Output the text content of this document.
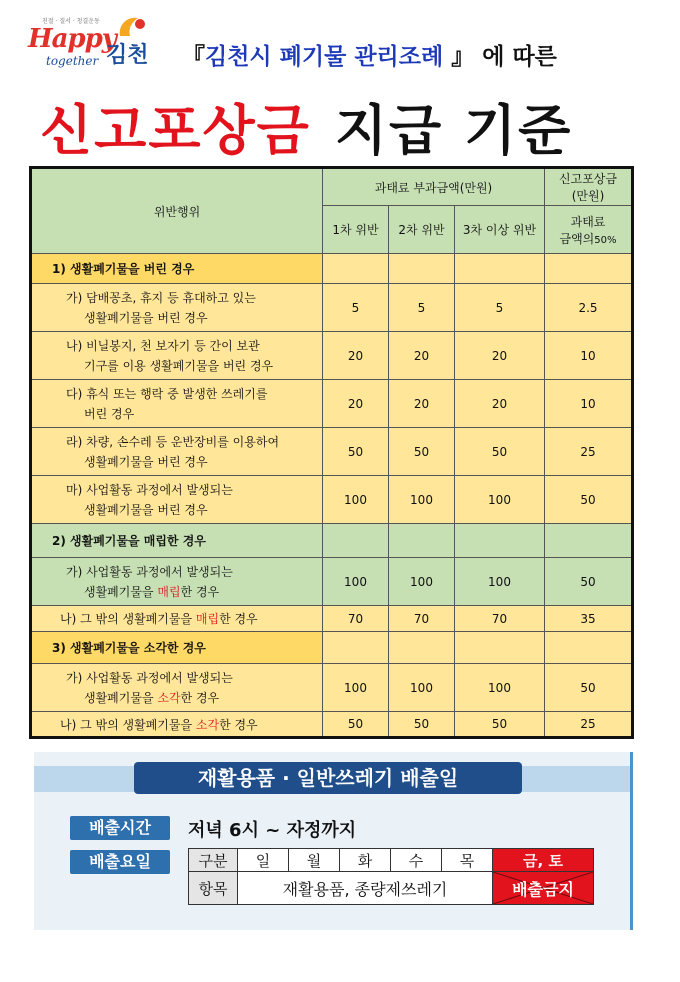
친절 · 질서 · 청결운동
Happy
together 김천 『김천시 폐기물 관리조례 』 에 따른
신고포상금 지급 기준
위반행위	과태료 부과금액(만원)			신고포상금
(만원)

	1차 위반	2차 위반	3차 이상 위반	과태료
금액의50%

1) 생활폐기물을 버린 경우				
가) 담배꽁초, 휴지 등 휴대하고 있는
생활폐기물을 버린 경우	5	5	5	2.5
나) 비닐봉지, 천 보자기 등 간이 보관
기구를 이용 생활폐기물을 버린 경우	20	20	20	10
다) 휴식 또는 행락 중 발생한 쓰레기를
버린 경우	20	20	20	10
라) 차량, 손수레 등 운반장비를 이용하여
생활폐기물을 버린 경우	50	50	50	25
마) 사업활동 과정에서 발생되는
생활폐기물을 버린 경우	100	100	100	50
2) 생활폐기물을 매립한 경우				
가) 사업활동 과정에서 발생되는
생활폐기물을 매립한 경우	100	100	100	50
나) 그 밖의 생활폐기물을 매립한 경우	70	70	70	35
3) 생활폐기물을 소각한 경우				
가) 사업활동 과정에서 발생되는
생활폐기물을 소각한 경우	100	100	100	50
나) 그 밖의 생활폐기물을 소각한 경우	50	50	50	25
재활용품 · 일반쓰레기 배출일
배출시간	저녁 6시 ~ 자정까지
배출요일	구분	일	월	화	수	목	금, 토
항목	재활용품, 종량제쓰레기					배출금지
